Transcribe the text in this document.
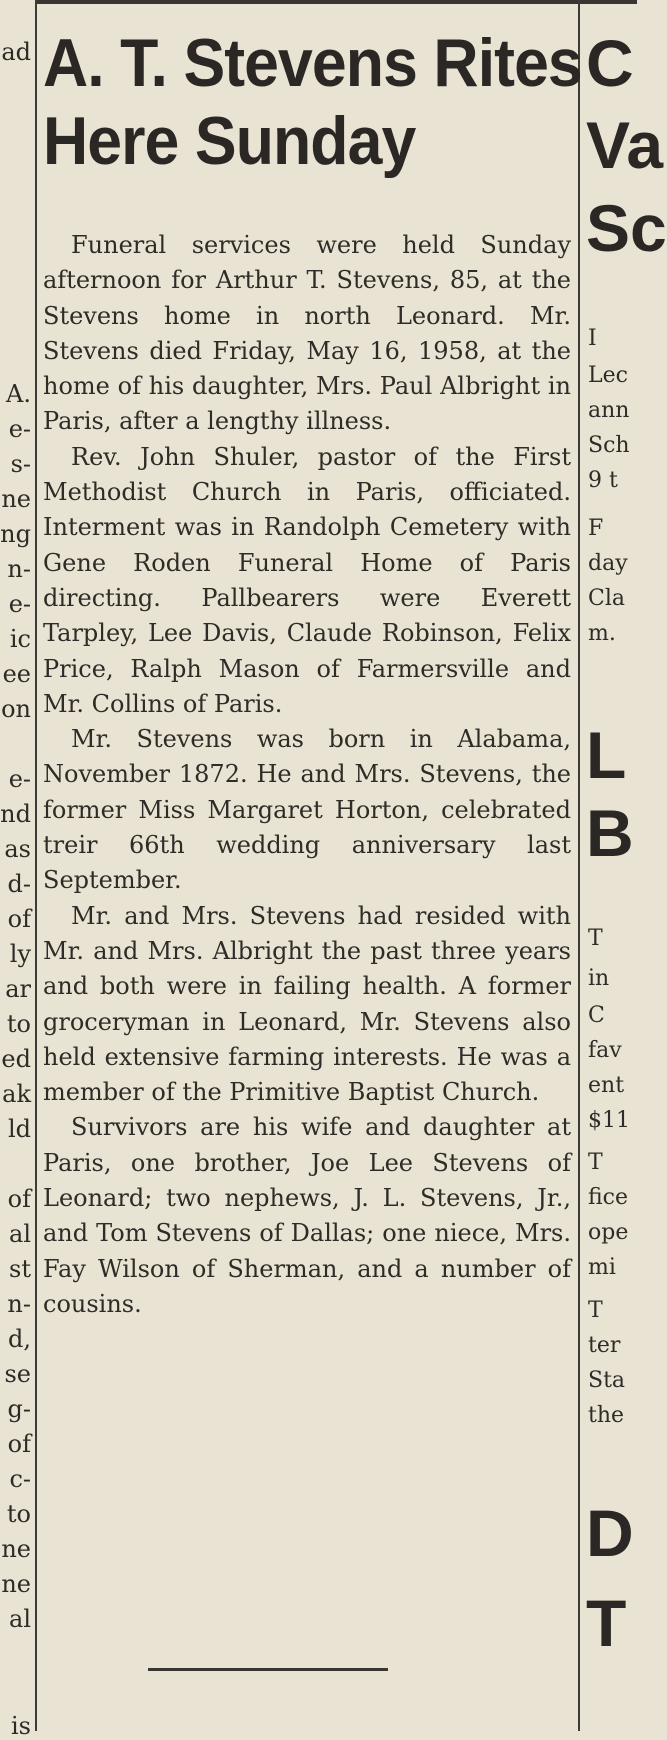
ad
A.
e-
s-
ne
ng
n-
e-
ic
ee
on
e-
nd
as
d-
of
ly
ar
to
ed
ak
ld
of
al
st
n-
d,
se
g-
of
c-
to
ne
ne
al
is
A. T. Stevens Rites
Here Sunday

Funeral services were held Sunday afternoon for Arthur T. Stevens, 85, at the Stevens home in north Leonard. Mr. Stevens died Friday, May 16, 1958, at the home of his daughter, Mrs. Paul Albright in Paris, after a lengthy illness.

Rev. John Shuler, pastor of the First Methodist Church in Paris, officiated. Interment was in Randolph Cemetery with Gene Roden Funeral Home of Paris directing. Pallbearers were Everett Tarpley, Lee Davis, Claude Robinson, Felix Price, Ralph Mason of Farmersville and Mr. Collins of Paris.

Mr. Stevens was born in Alabama, November 1872. He and Mrs. Stevens, the former Miss Margaret Horton, celebrated treir 66th wedding anniversary last September.

Mr. and Mrs. Stevens had resided with Mr. and Mrs. Albright the past three years and both were in failing health. A former groceryman in Leonard, Mr. Stevens also held extensive farming interests. He was a member of the Primitive Baptist Church.

Survivors are his wife and daughter at Paris, one brother, Joe Lee Stevens of Leonard; two nephews, J. L. Stevens, Jr., and Tom Stevens of Dallas; one niece, Mrs. Fay Wilson of Sherman, and a number of cousins.

C
Va
Sc
I
Lec
ann
Sch
9 t
F
day
Cla
m.
L
B
T
in
C
fav
ent
$11
T
fice
ope
mi
T
ter
Sta
the
D
T
